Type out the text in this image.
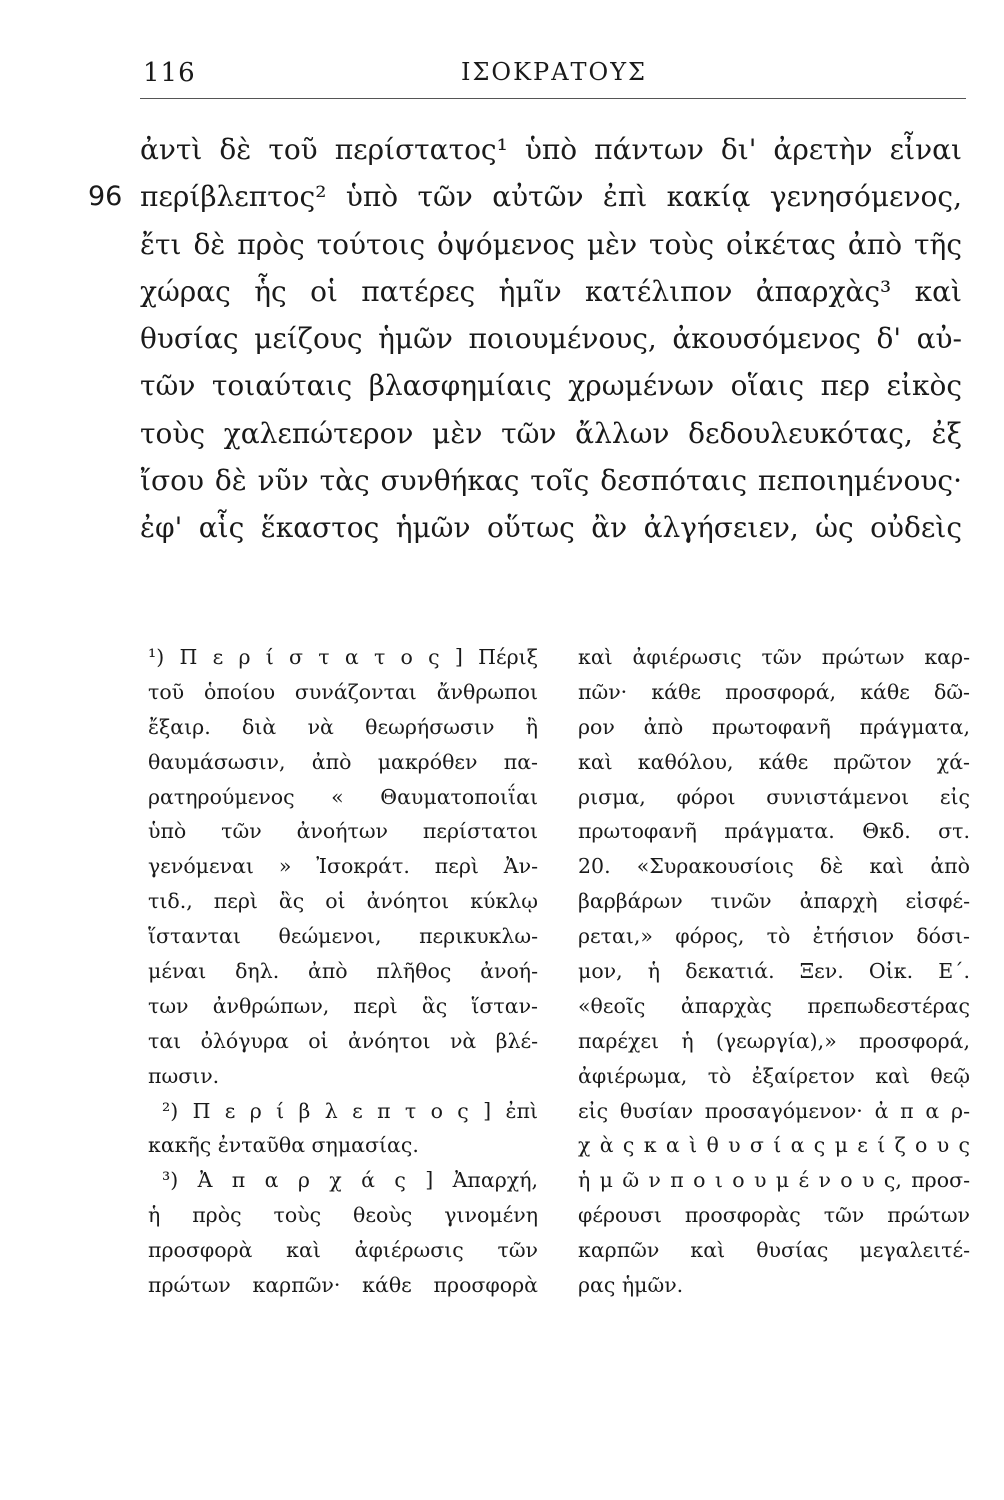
116	ΙΣΟΚΡΑΤΟΥΣ
ἀντὶ δὲ τοῦ περίστατος¹ ὑπὸ πάντων δι' ἀρετὴν εἶναι
96 περίβλεπτος² ὑπὸ τῶν αὐτῶν ἐπὶ κακίᾳ γενησόμενος,
ἔτι δὲ πρὸς τούτοις ὀψόμενος μὲν τοὺς οἰκέτας ἀπὸ τῆς
χώρας ἧς οἱ πατέρες ἡμῖν κατέλιπον ἀπαρχὰς³ καὶ
θυσίας μείζους ἡμῶν ποιουμένους, ἀκουσόμενος δ' αὐ-
τῶν τοιαύταις βλασφημίαις χρωμένων οἵαις περ εἰκὸς
τοὺς χαλεπώτερον μὲν τῶν ἄλλων δεδουλευκότας, ἐξ
ἴσου δὲ νῦν τὰς συνθήκας τοῖς δεσπόταις πεποιημένους·
ἐφ' αἷς ἕκαστος ἡμῶν οὕτως ἂν ἀλγήσειεν, ὡς οὐδεὶς
¹) Π ε ρ ί σ τ α τ ο ς ] Πέριξ
τοῦ ὁποίου συνάζονται ἄνθρωποι
ἔξαιρ. διὰ νὰ θεωρήσωσιν ἢ
θαυμάσωσιν, ἀπὸ μακρόθεν πα-
ρατηρούμενος « Θαυματοποιΐαι
ὑπὸ τῶν ἀνοήτων περίστατοι
γενόμεναι » Ἰσοκράτ. περὶ Ἀν-
τιδ., περὶ ἃς οἱ ἀνόητοι κύκλῳ
ἵστανται θεώμενοι, περικυκλω-
μέναι δηλ. ἀπὸ πλῆθος ἀνοή-
των ἀνθρώπων, περὶ ἃς ἵσταν-
ται ὀλόγυρα οἱ ἀνόητοι νὰ βλέ-
πωσιν.
²) Π ε ρ ί β λ ε π τ ο ς ] ἐπὶ
κακῆς ἐνταῦθα σημασίας.
³) Ἀ π α ρ χ ά ς ] Ἀπαρχή,
ἡ πρὸς τοὺς θεοὺς γινομένη
προσφορὰ καὶ ἀφιέρωσις τῶν
πρώτων καρπῶν· κάθε προσφορὰ
καὶ ἀφιέρωσις τῶν πρώτων καρ-
πῶν· κάθε προσφορά, κάθε δῶ-
ρον ἀπὸ πρωτοφανῆ πράγματα,
καὶ καθόλου, κάθε πρῶτον χά-
ρισμα, φόροι συνιστάμενοι εἰς
πρωτοφανῆ πράγματα. Θκδ. στ.
20. «Συρακουσίοις δὲ καὶ ἀπὸ
βαρβάρων τινῶν ἀπαρχὴ εἰσφέ-
ρεται,» φόρος, τὸ ἐτήσιον δόσι-
μον, ἡ δεκατιά. Ξεν. Οἰκ. Ε΄.
«θεοῖς ἀπαρχὰς πρεπωδεστέρας
παρέχει ἡ (γεωργία),» προσφορά,
ἀφιέρωμα, τὸ ἐξαίρετον καὶ θεῷ
εἰς θυσίαν προσαγόμενον· ἀ π α ρ-
χ ὰ ς κ α ὶ θ υ σ ί α ς μ ε ί ζ ο υ ς
ἡ μ ῶ ν π ο ι ο υ μ έ ν ο υ ς, προσ-
φέρουσι προσφορὰς τῶν πρώτων
καρπῶν καὶ θυσίας μεγαλειτέ-
ρας ἡμῶν.
